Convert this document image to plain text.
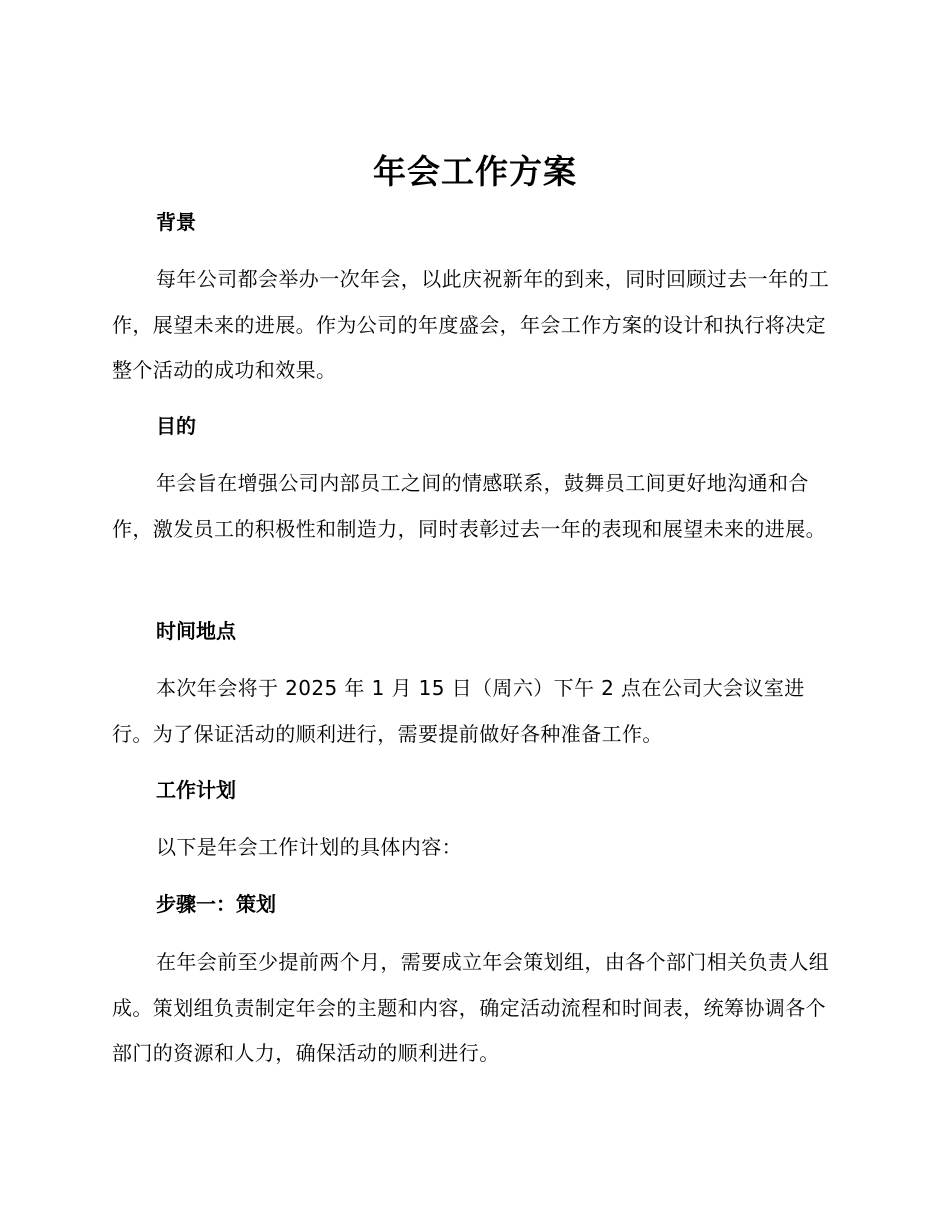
年会工作方案
背景

每年公司都会举办一次年会，以此庆祝新年的到来，同时回顾过去一年的工作，展望未来的进展。作为公司的年度盛会，年会工作方案的设计和执行将决定整个活动的成功和效果。

目的

年会旨在增强公司内部员工之间的情感联系，鼓舞员工间更好地沟通和合作，激发员工的积极性和制造力，同时表彰过去一年的表现和展望未来的进展。

时间地点

本次年会将于 2025 年 1 月 15 日（周六）下午 2 点在公司大会议室进行。为了保证活动的顺利进行，需要提前做好各种准备工作。

工作计划

以下是年会工作计划的具体内容：

步骤一：策划

在年会前至少提前两个月，需要成立年会策划组，由各个部门相关负责人组成。策划组负责制定年会的主题和内容，确定活动流程和时间表，统筹协调各个部门的资源和人力，确保活动的顺利进行。
